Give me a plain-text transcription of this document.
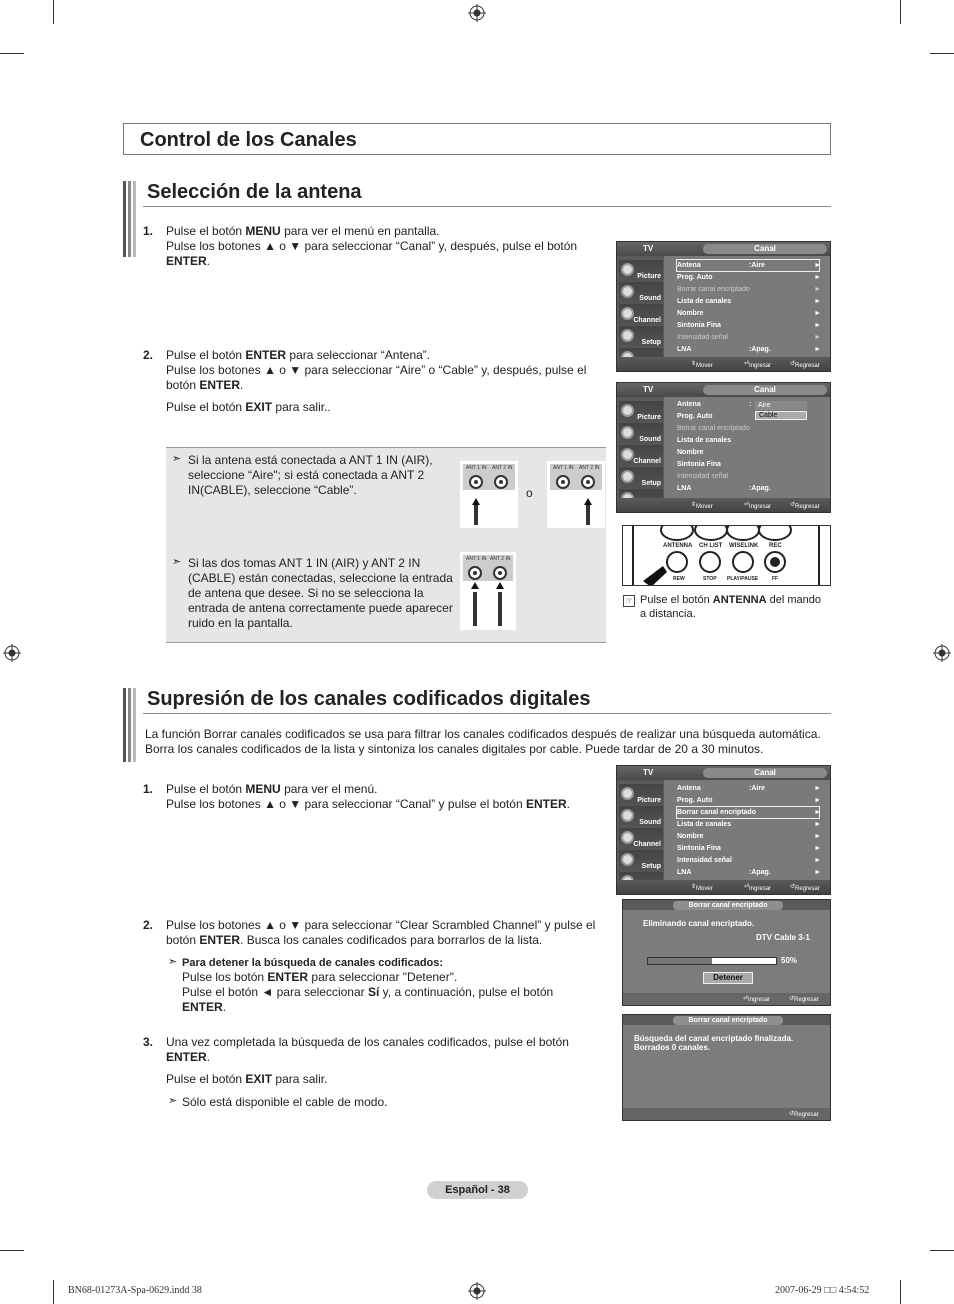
Control de los Canales
Selección de la antena
1. Pulse el botón MENU para ver el menú en pantalla.
Pulse los botones ▲ o ▼ para seleccionar “Canal” y, después, pulse el botón
ENTER.
2. Pulse el botón ENTER para seleccionar “Antena”.
Pulse los botones ▲ o ▼ para seleccionar “Aire” o “Cable” y, después, pulse el
botón ENTER.
Pulse el botón EXIT para salir..
➣ Si la antena está conectada a ANT 1 IN (AIR), seleccione “Aire"; si está conectada a ANT 2 IN(CABLE), seleccione “Cable”.
➣ Si las dos tomas ANT 1 IN (AIR) y ANT 2 IN (CABLE) están conectadas, seleccione la entrada de antena que desee. Si no se selecciona la entrada de antena correctamente puede aparecer ruido en la pantalla.
ANT 1 IN ANT 2 IN
o
ANT 1 IN ANT 2 IN
ANT 1 IN ANT 2 IN
TV	Canal
Picture
Sound
Channel
Setup
Antena	:Aire	►
Prog. Auto	►
Borrar canal encriptado	►
Lista de canales	►
Nombre	►
Sintonia Fina	►
Intensidad señal	►
LNA	:Apag.	►
⇕ Mover	⏎ Ingresar	↺ Regresar
TV	Canal
Picture
Sound
Channel
Setup
Antena	: Aire
Prog. Auto	Cable
Borrar canal encriptado
Lista de canales
Nombre
Sintonia Fina
Intensidad señal
LNA	:Apag.
⇕ Mover	⏎ Ingresar	↺ Regresar
ANTENNA CH LIST WISELINK REC
REW	STOP PLAY/PAUSE	FF
☞ Pulse el botón ANTENNA del mando
a distancia.
Supresión de los canales codificados digitales
La función Borrar canales codificados se usa para filtrar los canales codificados después de realizar una búsqueda automática.
Borra los canales codificados de la lista y sintoniza los canales digitales por cable. Puede tardar de 20 a 30 minutos.
1. Pulse el botón MENU para ver el menú.
Pulse los botones ▲ o ▼ para seleccionar “Canal” y pulse el botón ENTER.
2. Pulse los botones ▲ o ▼ para seleccionar “Clear Scrambled Channel” y pulse el
botón ENTER. Busca los canales codificados para borrarlos de la lista.
➣ Para detener la búsqueda de canales codificados:
Pulse los botón ENTER para seleccionar "Detener".
Pulse el botón ◄ para seleccionar Sí y, a continuación, pulse el botón
ENTER.
3. Una vez completada la búsqueda de los canales codificados, pulse el botón
ENTER.
Pulse el botón EXIT para salir.
➣ Sólo está disponible el cable de modo.
TV	Canal
Picture
Sound
Channel
Setup
Antena	:Aire	►
Prog. Auto	►
Borrar canal encriptado	►
Lista de canales	►
Nombre	►
Sintonia Fina	►
Intensidad señal	►
LNA	:Apag.	►
⇕ Mover	⏎ Ingresar	↺ Regresar
Borrar canal encriptado
Eliminando canal encriptado.
DTV Cable 3-1
50%
Detener
⏎ Ingresar	↺ Regresar
Borrar canal encriptado
Búsqueda del canal encriptado finalizada.
Borrados 0 canales.
↺ Regresar
Español - 38
BN68-01273A-Spa-0629.indd 38	2007-06-29 □□ 4:54:52
